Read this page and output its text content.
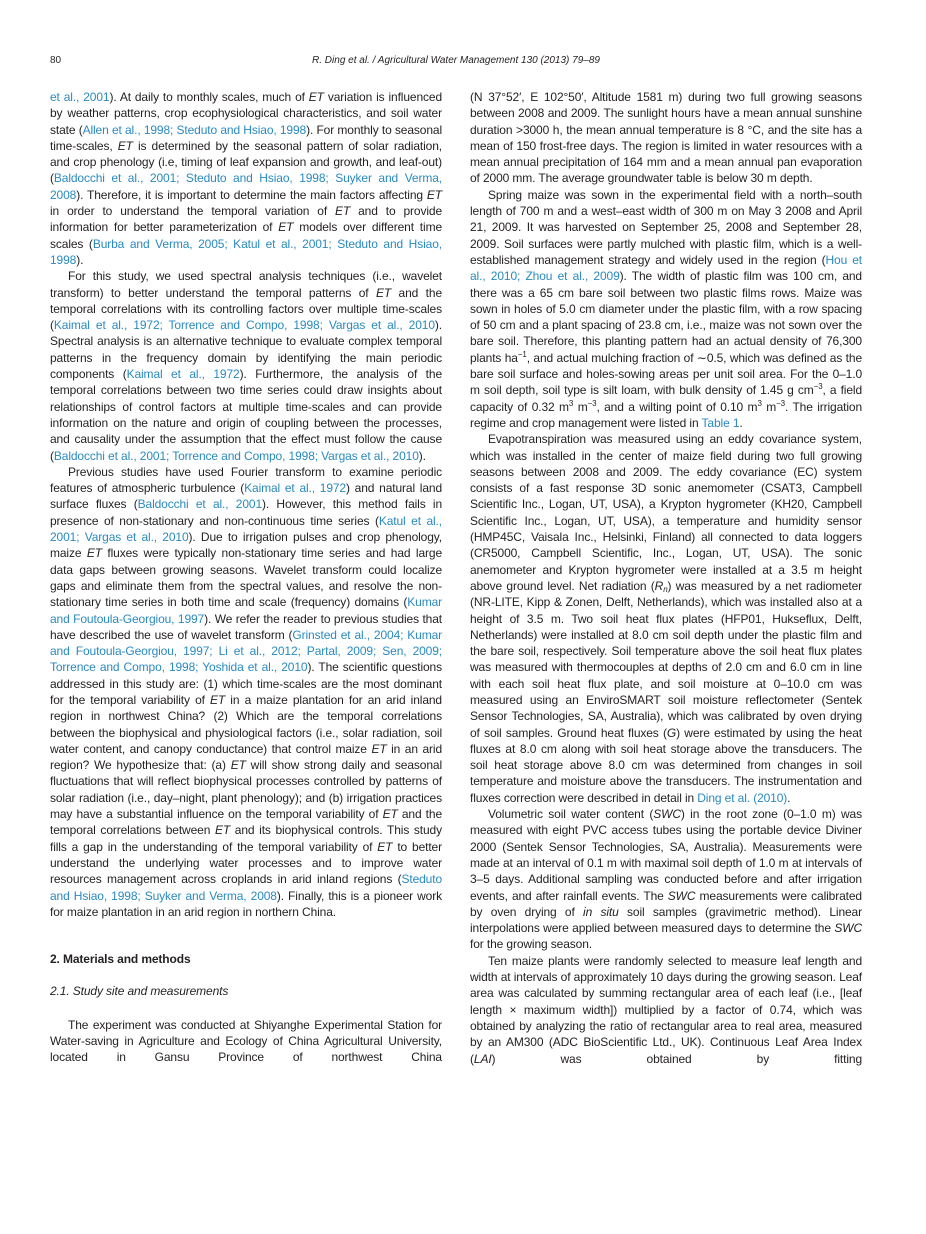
80	R. Ding et al. / Agricultural Water Management 130 (2013) 79–89

et al., 2001). At daily to monthly scales, much of ET variation is influenced by weather patterns, crop ecophysiological characteristics, and soil water state (Allen et al., 1998; Steduto and Hsiao, 1998). For monthly to seasonal time-scales, ET is determined by the seasonal pattern of solar radiation, and crop phenology (i.e, timing of leaf expansion and growth, and leaf-out) (Baldocchi et al., 2001; Steduto and Hsiao, 1998; Suyker and Verma, 2008). Therefore, it is important to determine the main factors affecting ET in order to understand the temporal variation of ET and to provide information for better parameterization of ET models over different time scales (Burba and Verma, 2005; Katul et al., 2001; Steduto and Hsiao, 1998).

For this study, we used spectral analysis techniques (i.e., wavelet transform) to better understand the temporal patterns of ET and the temporal correlations with its controlling factors over multiple time-scales (Kaimal et al., 1972; Torrence and Compo, 1998; Vargas et al., 2010). Spectral analysis is an alternative technique to evaluate complex temporal patterns in the frequency domain by identifying the main periodic components (Kaimal et al., 1972). Furthermore, the analysis of the temporal correlations between two time series could draw insights about relationships of control factors at multiple time-scales and can provide information on the nature and origin of coupling between the processes, and causality under the assumption that the effect must follow the cause (Baldocchi et al., 2001; Torrence and Compo, 1998; Vargas et al., 2010).

Previous studies have used Fourier transform to examine periodic features of atmospheric turbulence (Kaimal et al., 1972) and natural land surface fluxes (Baldocchi et al., 2001). However, this method fails in presence of non-stationary and non-continuous time series (Katul et al., 2001; Vargas et al., 2010). Due to irrigation pulses and crop phenology, maize ET fluxes were typically non-stationary time series and had large data gaps between growing seasons. Wavelet transform could localize gaps and eliminate them from the spectral values, and resolve the non-stationary time series in both time and scale (frequency) domains (Kumar and Foutoula-Georgiou, 1997). We refer the reader to previous studies that have described the use of wavelet transform (Grinsted et al., 2004; Kumar and Foutoula-Georgiou, 1997; Li et al., 2012; Partal, 2009; Sen, 2009; Torrence and Compo, 1998; Yoshida et al., 2010). The scientific questions addressed in this study are: (1) which time-scales are the most dominant for the temporal variability of ET in a maize plantation for an arid inland region in northwest China? (2) Which are the temporal correlations between the biophysical and physiological factors (i.e., solar radiation, soil water content, and canopy conductance) that control maize ET in an arid region? We hypothesize that: (a) ET will show strong daily and seasonal fluctuations that will reflect biophysical processes controlled by patterns of solar radiation (i.e., day–night, plant phenology); and (b) irrigation practices may have a substantial influence on the temporal variability of ET and the temporal correlations between ET and its biophysical controls. This study fills a gap in the understanding of the temporal variability of ET to better understand the underlying water processes and to improve water resources management across croplands in arid inland regions (Steduto and Hsiao, 1998; Suyker and Verma, 2008). Finally, this is a pioneer work for maize plantation in an arid region in northern China.

2. Materials and methods
2.1. Study site and measurements

The experiment was conducted at Shiyanghe Experimental Station for Water-saving in Agriculture and Ecology of China Agricultural University, located in Gansu Province of northwest China

(N 37°52′, E 102°50′, Altitude 1581 m) during two full growing seasons between 2008 and 2009. The sunlight hours have a mean annual sunshine duration >3000 h, the mean annual temperature is 8 °C, and the site has a mean of 150 frost-free days. The region is limited in water resources with a mean annual precipitation of 164 mm and a mean annual pan evaporation of 2000 mm. The average groundwater table is below 30 m depth.

Spring maize was sown in the experimental field with a north–south length of 700 m and a west–east width of 300 m on May 3 2008 and April 21, 2009. It was harvested on September 25, 2008 and September 28, 2009. Soil surfaces were partly mulched with plastic film, which is a well-established management strategy and widely used in the region (Hou et al., 2010; Zhou et al., 2009). The width of plastic film was 100 cm, and there was a 65 cm bare soil between two plastic films rows. Maize was sown in holes of 5.0 cm diameter under the plastic film, with a row spacing of 50 cm and a plant spacing of 23.8 cm, i.e., maize was not sown over the bare soil. Therefore, this planting pattern had an actual density of 76,300 plants $ha^{-1}$, and actual mulching fraction of ∼0.5, which was defined as the bare soil surface and holes-sowing areas per unit soil area. For the 0–1.0 m soil depth, soil type is silt loam, with bulk density of 1.45 g $cm^{-3}$, a field capacity of 0.32 $m^3$ $m^{-3}$, and a wilting point of 0.10 $m^3$ $m^{-3}$. The irrigation regime and crop management were listed in Table 1.

Evapotranspiration was measured using an eddy covariance system, which was installed in the center of maize field during two full growing seasons between 2008 and 2009. The eddy covariance (EC) system consists of a fast response 3D sonic anemometer (CSAT3, Campbell Scientific Inc., Logan, UT, USA), a Krypton hygrometer (KH20, Campbell Scientific Inc., Logan, UT, USA), a temperature and humidity sensor (HMP45C, Vaisala Inc., Helsinki, Finland) all connected to data loggers (CR5000, Campbell Scientific, Inc., Logan, UT, USA). The sonic anemometer and Krypton hygrometer were installed at a 3.5 m height above ground level. Net radiation $(R_n)$ was measured by a net radiometer (NR-LITE, Kipp & Zonen, Delft, Netherlands), which was installed also at a height of 3.5 m. Two soil heat flux plates (HFP01, Hukseflux, Delft, Netherlands) were installed at 8.0 cm soil depth under the plastic film and the bare soil, respectively. Soil temperature above the soil heat flux plates was measured with thermocouples at depths of 2.0 cm and 6.0 cm in line with each soil heat flux plate, and soil moisture at 0–10.0 cm was measured using an EnviroSMART soil moisture reflectometer (Sentek Sensor Technologies, SA, Australia), which was calibrated by oven drying of soil samples. Ground heat fluxes (G) were estimated by using the heat fluxes at 8.0 cm along with soil heat storage above the transducers. The soil heat storage above 8.0 cm was determined from changes in soil temperature and moisture above the transducers. The instrumentation and fluxes correction were described in detail in Ding et al. (2010).

Volumetric soil water content (SWC) in the root zone (0–1.0 m) was measured with eight PVC access tubes using the portable device Diviner 2000 (Sentek Sensor Technologies, SA, Australia). Measurements were made at an interval of 0.1 m with maximal soil depth of 1.0 m at intervals of 3–5 days. Additional sampling was conducted before and after irrigation events, and after rainfall events. The SWC measurements were calibrated by oven drying of in situ soil samples (gravimetric method). Linear interpolations were applied between measured days to determine the SWC for the growing season.

Ten maize plants were randomly selected to measure leaf length and width at intervals of approximately 10 days during the growing season. Leaf area was calculated by summing rectangular area of each leaf (i.e., [leaf length × maximum width]) multiplied by a factor of 0.74, which was obtained by analyzing the ratio of rectangular area to real area, measured by an AM300 (ADC BioScientific Ltd., UK). Continuous Leaf Area Index (LAI) was obtained by fitting
